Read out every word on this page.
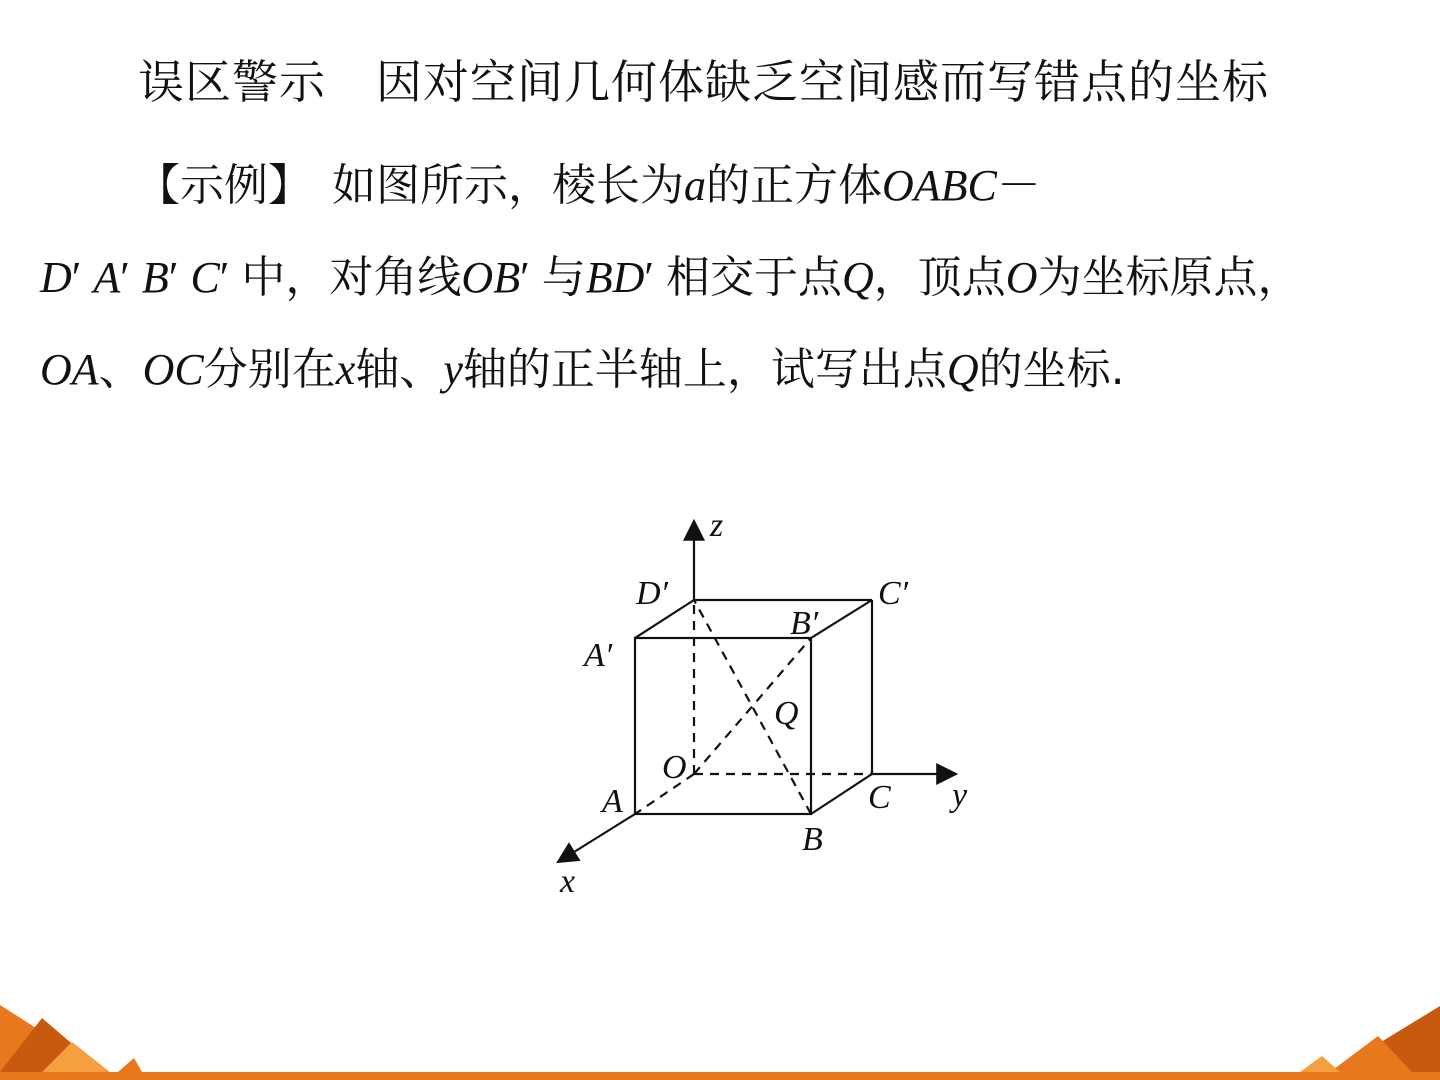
误区警示 因对空间几何体缺乏空间感而写错点的坐标
【示例】 如图所示，棱长为a的正方体OABC－
D′ A′ B′ C′ 中，对角线OB′ 与BD′ 相交于点Q，顶点O为坐标原点，OA、OC分别在x轴、y轴的正半轴上，试写出点Q的坐标.
z
y
x
D′	C′
B′
A′
Q
O
A	C
B
